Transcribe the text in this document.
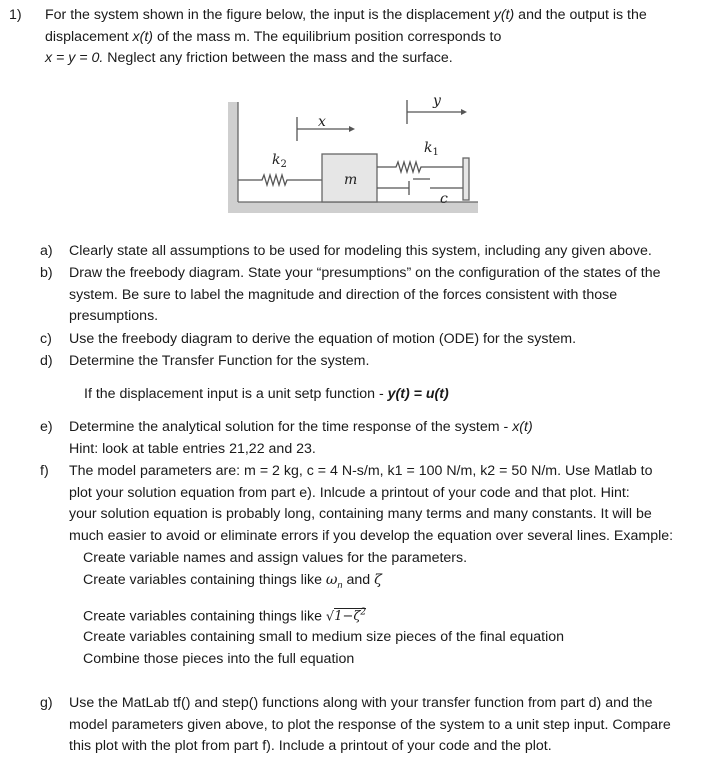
1) For the system shown in the figure below, the input is the displacement y(t) and the output is the
displacement x(t) of the mass m. The equilibrium position corresponds to
x = y = 0. Neglect any friction between the mass and the surface.
x
y
$k_1$
$k_2$
m
c
a)	Clearly state all assumptions to be used for modeling this system, including any given above.
b)	Draw the freebody diagram. State your “presumptions” on the configuration of the states of the
system. Be sure to label the magnitude and direction of the forces consistent with those
presumptions.
c)	Use the freebody diagram to derive the equation of motion (ODE) for the system.
d)	Determine the Transfer Function for the system.
If the displacement input is a unit setp function - y(t) = u(t)
e)	Determine the analytical solution for the time response of the system - x(t)
Hint: look at table entries 21,22 and 23.
f)	The model parameters are: m = 2 kg, c = 4 N-s/m, k1 = 100 N/m, k2 = 50 N/m. Use Matlab to
plot your solution equation from part e). Inlcude a printout of your code and that plot. Hint:
your solution equation is probably long, containing many terms and many constants. It will be
much easier to avoid or eliminate errors if you develop the equation over several lines. Example:
Create variable names and assign values for the parameters.
Create variables containing things like $\omega_n$ and ζ
Create variables containing things like $√1-\zeta^2$
Create variables containing small to medium size pieces of the final equation
Combine those pieces into the full equation
g)	Use the MatLab tf() and step() functions along with your transfer function from part d) and the
model parameters given above, to plot the response of the system to a unit step input. Compare
this plot with the plot from part f). Include a printout of your code and the plot.
